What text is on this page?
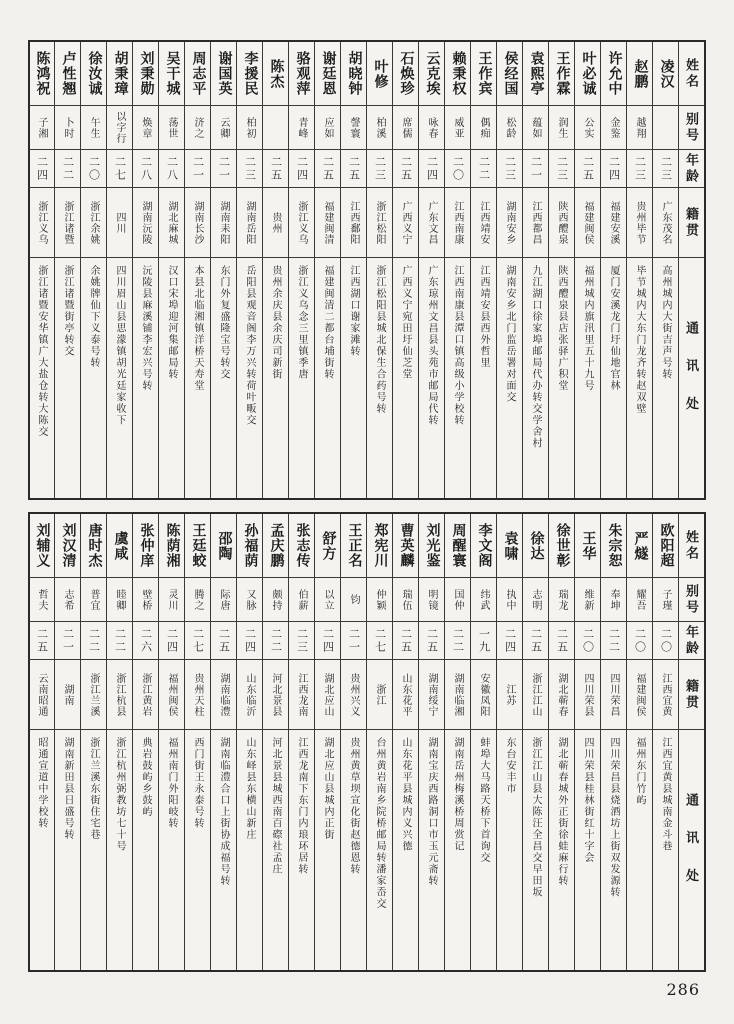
姓名
别号
年龄
籍贯
通讯处
凌汉
二三
广东茂名
高州城内大街吉声号转
赵鹏
越翔
二三
贵州毕节
毕节城内大东门龙齐转赵双壁
许允中
金鉴
二四
福建安溪
厦门安溪龙门圩仙地官林
叶必诚
公实
二五
福建闽侯
福州城内旗汛里五十九号
王作霖
润生
二三
陕西醴泉
陕西醴泉县店张驿广积堂
袁熙亭
蕴如
二一
江西都昌
九江湖口徐家埠邮局代办转交学舍村
侯经国
松龄
二三
湖南安乡
湖南安乡北门监岳署对面交
王作宾
偶痴
二二
江西靖安
江西靖安县西外哲里
赖秉权
威亚
二〇
江西南康
江西南康县潭口镇高级小学校转
云克埃
咏春
二四
广东文昌
广东琼州文昌县头苑市邮局代转
石焕珍
席儒
二五
广西义宁
广西义宁宛田圩仙芝堂
叶修
柏溪
二三
浙江松阳
浙江松阳县城北保生合药号转
胡晓钟
謦寰
二五
江西鄱阳
江西湖口谢家滩转
谢廷恩
应如
二五
福建闽清
福建闽清二都台埔街转
骆观萍
青峰
二四
浙江义乌
浙江义乌念三里镇季唐
陈杰
二五
贵州
贵州余庆县余庆司新街
李援民
柏初
二三
湖南岳阳
岳阳县观音阁李万兴转荷叶畈交
谢国英
云卿
二一
湖南耒阳
东门外复盛隆宝号转交
周志平
济之
二一
湖南长沙
本县北临湘镇洋桥天寿堂
吴干城
荡世
二八
湖北麻城
汉口宋埠迎河集邮局转
刘秉勋
焕章
二八
湖南沅陵
沅陵县麻溪铺李宏兴号转
胡秉璋
以字行
二七
四川
四川眉山县思濛镇胡光廷家收下
徐汝诚
午生
二〇
浙江余姚
余姚牌仙下义泰号转
卢性翘
卜时
二二
浙江诸暨
浙江诸暨街亭转交
陈鸿祝
子湘
二四
浙江义乌
浙江诸暨安华镇广大盐仓转大陈交
姓名
别号
年龄
籍贯
通讯处
欧阳超
子瑾
二〇
江西宜黄
江西宜黄县城南金斗巷
严燧
耀吾
二〇
福建闽侯
福州东门竹屿
朱宗恕
奉坤
二二
四川荣昌
四川荣昌县烧酒坊上街双发源转
王华
维新
二〇
四川荣县
四川荣县桂林街红十字会
徐世彰
瑞龙
二五
湖北蕲春
湖北蕲春城外正街徐蛙麻行转
徐达
志明
二五
浙江江山
浙江江山县大陈汪全昌交早田坂
袁啸
执中
二四
江苏
东台安丰市
李文阁
纬武
一九
安徽凤阳
蚌埠大马路天桥下首询交
周醒寰
国仲
二二
湖南临湘
湖南岳州梅溪桥周赏记
刘光鉴
明镜
二五
湖南绥宁
湖南宝庆西路洞口市玉元斋转
曹英麟
瑞伍
二五
山东花平
山东花平县城内义兴德
郑宪川
仲颖
二七
浙江
台州黄岩南乡院桥邮局转潘家岙交
王正名
钧
二一
贵州兴义
贵州黄草坝宣化街赵德恩转
舒方
以立
二四
湖北应山
湖北应山县城内正街
张志传
伯薪
二三
江西龙南
江西龙南下东门内琅环居转
孟庆鹏
颇持
二二
河北景县
河北景县城西南百磜社孟庄
孙福荫
又脉
二四
山东临沂
山东峄县东横山新庄
邵陶
际唐
二五
湖南临澧
湖南临澧合口上街协成福号转
王廷蛟
腾之
二七
贵州天柱
西门街王永泰号转
陈荫湘
灵川
二四
福州闽侯
福州南门外阳岐转
张仲庠
壁桥
二六
浙江黄岩
典岩鼓屿乡鼓屿
虞咸
睦卿
二二
浙江杭县
浙江杭州弼教坊七十号
唐时杰
普宜
二二
浙江兰溪
浙江兰溪东街住宅巷
刘汉清
志希
二一
湖南
湖南新田县日盛号转
刘辅义
哲夫
二五
云南昭通
昭通宣道中学校转
286
